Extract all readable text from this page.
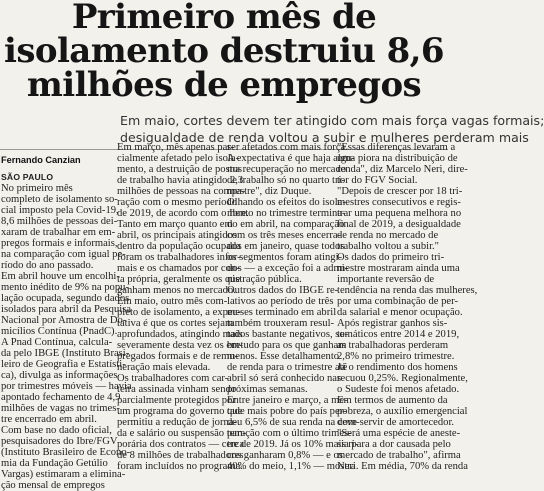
Primeiro mês de
isolamento destruiu 8,6
milhões de empregos
Em maio, cortes devem ter atingido com mais força vagas formais;
desigualdade de renda voltou a subir e mulheres perderam mais
Fernando Canzian
SÃO PAULO
No primeiro mês
completo de isolamento so-
cial imposto pela Covid-19,
8,6 milhões de pessoas dei-
xaram de trabalhar em em-
pregos formais e informais,
na comparação com igual pe-
ríodo do ano passado.
Em abril houve um encolhi-
mento inédito de 9% na popu-
lação ocupada, segundo dados
isolados para abril da Pesquisa
Nacional por Amostra de Do-
micílios Contínua (PnadC).
A Pnad Contínua, calcula-
da pelo IBGE (Instituto Brasi-
leiro de Geografia e Estatísti-
ca), divulga as informações
por trimestres móveis — havia
apontado fechamento de 4,9
milhões de vagas no trimes-
tre encerrado em abril.
Com base no dado oficial,
pesquisadores do Ibre/FGV
(Instituto Brasileiro de Econo-
mia da Fundação Getúlio
Vargas) estimaram a elimina-
ção mensal de empregos
Em março, mês apenas par-
cialmente afetado pelo isola-
mento, a destruição de postos
de trabalho havia atingido 2,3
milhões de pessoas na compa-
ração com o mesmo período
de 2019, de acordo com o Ibre.
Tanto em março quanto em
abril, os principais atingidos
dentro da população ocupada
foram os trabalhadores infor-
mais e os chamados por con-
ta própria, geralmente os que
ganham menos no mercado.
Em maio, outro mês com-
pleto de isolamento, a expec-
tativa é que os cortes sejam
aprofundados, atingindo mais
severamente desta vez os em-
pregados formais e de remu-
neração mais elevada.
Os trabalhadores com car-
teira assinada vinham sendo
parcialmente protegidos por
um programa do governo que
permitiu a redução de jorna-
da e salário ou suspensão tem-
porária dos contratos — cerca
de 8 milhões de trabalhadores
foram incluídos no programa.
ser afetados com mais força.
A expectativa é que haja algu-
ma recuperação no mercado
de trabalho só no quarto tri-
mestre", diz Duque.
Olhando os efeitos do isola-
mento no trimestre termina-
do em abril, na comparação
com os três meses encerra-
dos em janeiro, quase todos
os segmentos foram atingi-
dos — a exceção foi a admi-
nistração pública.
Outros dados do IBGE re-
lativos ao período de três
meses terminado em abril
também trouxeram resul-
tados bastante negativos, so-
bretudo para os que ganham
menos. Esse detalhamento
de renda para o trimestre até
abril só será conhecido nas
próximas semanas.
Entre janeiro e março, a me-
tade mais pobre do país per-
deu 6,5% de sua renda na com-
paração com o último trimes-
tre de 2019. Já os 10% mais ri-
cos ganharam 0,8% — e os
40% do meio, 1,1% — mostra
"Essas diferenças levaram a
uma piora na distribuição de
renda", diz Marcelo Neri, dire-
tor do FGV Social.
"Depois de crescer por 18 tri-
mestres consecutivos e regis-
trar uma pequena melhora no
final de 2019, a desigualdade
de renda no mercado de
trabalho voltou a subir."
Os dados do primeiro tri-
mestre mostraram ainda uma
importante reversão de
tendência na renda das mulheres,
por uma combinação de per-
da salarial e menor ocupação.
Após registrar ganhos sis-
temáticos entre 2014 e 2019,
as trabalhadoras perderam
2,8% no primeiro trimestre.
Já o rendimento dos homens
recuou 0,25%. Regionalmente,
o Sudeste foi menos afetado.
Em termos de aumento da
pobreza, o auxílio emergencial
deve servir de amortecedor.
"Será uma espécie de aneste-
sia para a dor causada pelo
mercado de trabalho", afirma
Neri. Em média, 70% da renda
